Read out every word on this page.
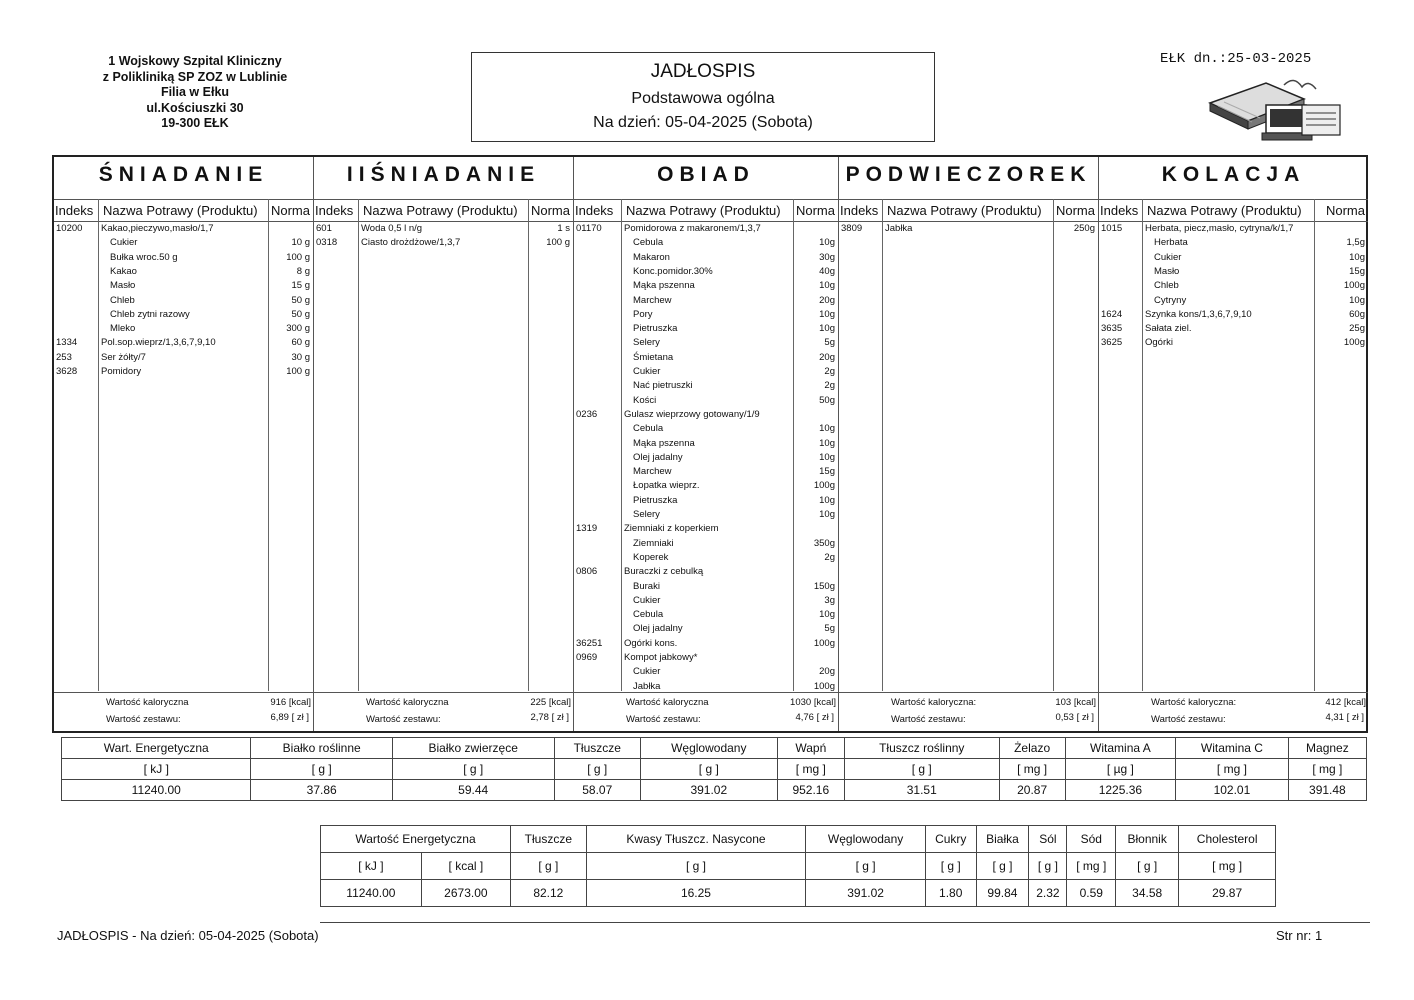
1 Wojskowy Szpital Kliniczny
z Polikliniką SP ZOZ w Lublinie
Filia w Ełku
ul.Kościuszki 30
19-300 EŁK
JADŁOSPIS
Podstawowa ogólna
Na dzień: 05-04-2025 (Sobota)
EŁK dn.:25-03-2025
ŚNIADANIE
Indeks Nazwa Potrawy (Produktu) Norma
10200 Kakao,pieczywo,masło/1,7
Cukier	10 g
Bułka wroc.50 g	100 g
Kakao	8 g
Masło	15 g
Chleb	50 g
Chleb zytni razowy	50 g
Mleko	300 g
1334	Pol.sop.wieprz/1,3,6,7,9,10	60 g
253	Ser żółty/7	30 g
3628	Pomidory	100 g
Wartość kaloryczna	916 [kcal]
Wartość zestawu:	6,89 [ zł ]
IIŚNIADANIE
Indeks Nazwa Potrawy (Produktu) Norma
601	Woda 0,5 l n/g	1 s
0318	Ciasto drożdżowe/1,3,7	100 g
Wartość kaloryczna	225 [kcal]
Wartość zestawu:	2,78 [ zł ]
OBIAD
Indeks Nazwa Potrawy (Produktu) Norma
01170 Pomidorowa z makaronem/1,3,7
Cebula	10g
Makaron	30g
Konc.pomidor.30%	40g
Mąka pszenna	10g
Marchew	20g
Pory	10g
Pietruszka	10g
Selery	5g
Śmietana	20g
Cukier	2g
Nać pietruszki	2g
Kości	50g
0236	Gulasz wieprzowy gotowany/1/9
Cebula	10g
Mąka pszenna	10g
Olej jadalny	10g
Marchew	15g
Łopatka wieprz.	100g
Pietruszka	10g
Selery	10g
1319	Ziemniaki z koperkiem
Ziemniaki	350g
Koperek	2g
0806	Buraczki z cebulką
Buraki	150g
Cukier	3g
Cebula	10g
Olej jadalny	5g
36251 Ogórki kons.	100g
0969	Kompot jabkowy*
Cukier	20g
Jabłka	100g
Wartość kaloryczna	1030 [kcal]
Wartość zestawu:	4,76 [ zł ]
PODWIECZOREK
Indeks Nazwa Potrawy (Produktu) Norma
3809 Jabłka	250g
Wartość kaloryczna:	103 [kcal]
Wartość zestawu:	0,53 [ zł ]
KOLACJA
Indeks Nazwa Potrawy (Produktu) Norma
1015 Herbata, piecz,masło, cytryna/k/1,7
Herbata	1,5g
Cukier	10g
Masło	15g
Chleb	100g
Cytryny	10g
1624 Szynka kons/1,3,6,7,9,10	60g
3635 Sałata ziel.	25g
3625 Ogórki	100g
Wartość kaloryczna:	412 [kcal]
Wartość zestawu:	4,31 [ zł ]
Wart. Energetyczna	Białko roślinne	Białko zwierzęce	Tłuszcze	Węglowodany	Wapń	Tłuszcz roślinny	Żelazo	Witamina A	Witamina C	Magnez
[ kJ ]	[ g ]	[ g ]	[ g ]	[ g ]	[ mg ]	[ g ]	[ mg ]	[ µg ]	[ mg ]	[ mg ]
11240.00	37.86	59.44	58.07	391.02	952.16	31.51	20.87	1225.36	102.01	391.48
Wartość Energetyczna		Tłuszcze	Kwasy Tłuszcz. Nasycone	Węglowodany	Cukry	Białka	Sól	Sód	Błonnik	Cholesterol
[ kJ ]	[ kcal ]	[ g ]	[ g ]	[ g ]	[ g ]	[ g ]	[ g ]	[ mg ]	[ g ]	[ mg ]
11240.00	2673.00	82.12	16.25	391.02	1.80	99.84	2.32	0.59	34.58	29.87
JADŁOSPIS - Na dzień: 05-04-2025 (Sobota)	Str nr: 1
